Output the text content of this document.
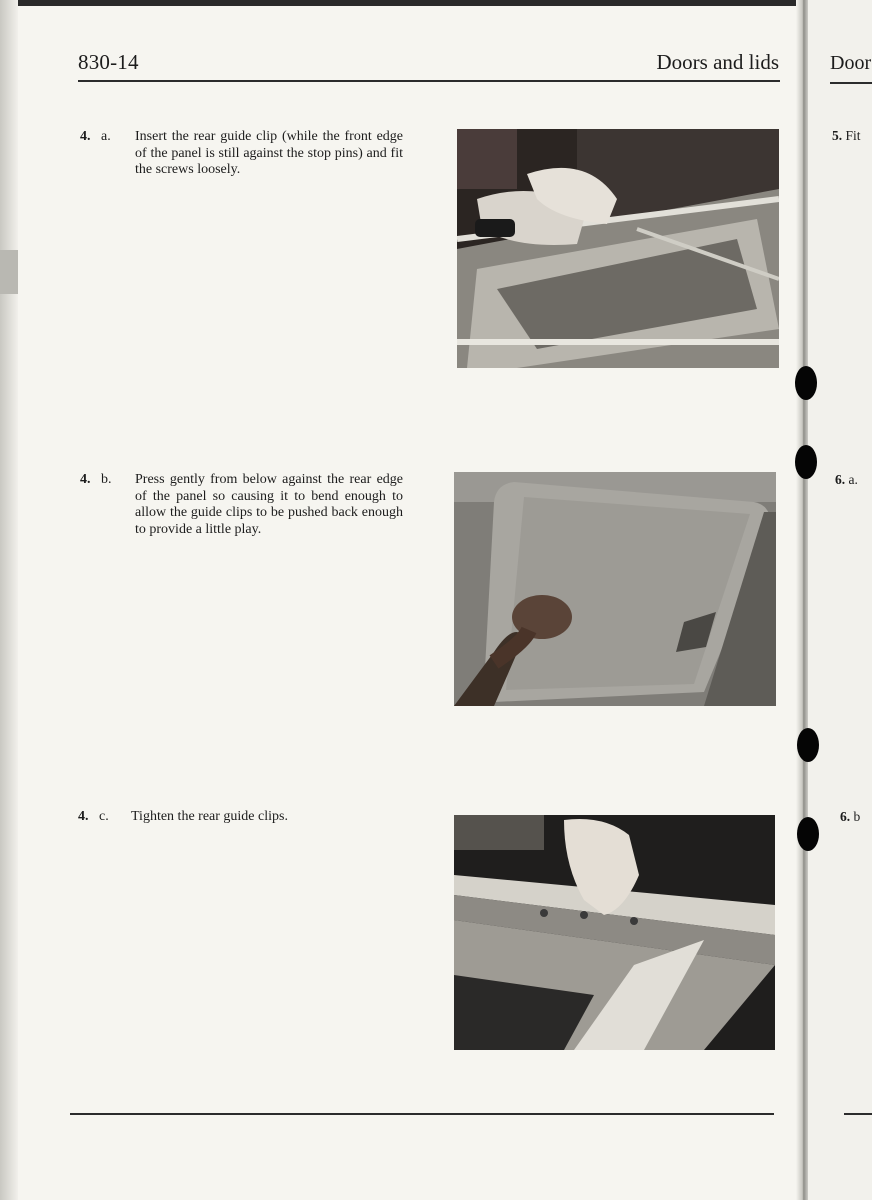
830-14	Doors and lids
4. a. Insert the rear guide clip (while the front edge of the panel is still against the stop pins) and fit the screws loosely.
4. b. Press gently from below against the rear edge of the panel so causing it to bend enough to allow the guide clips to be pushed back enough to provide a little play.
4. c. Tighten the rear guide clips.
Door
5. Fit
6. a.
6. b
